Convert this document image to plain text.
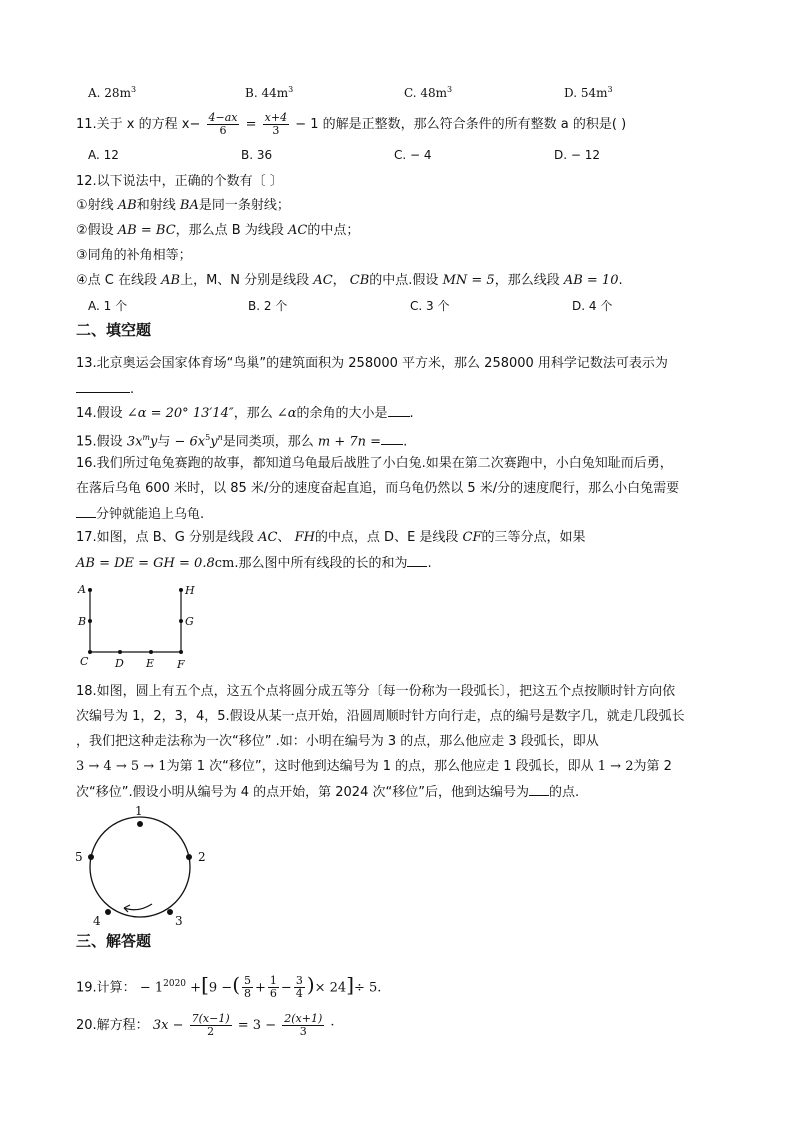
A. $28m^3$	B. $44m^3$	C. $48m^3$	D. $54m^3$
11.关于 x 的方程 $x- \frac{4-ax}{6} = \frac{x+4}{3} - 1$ 的解是正整数，那么符合条件的所有整数 a 的积是( )
A. 12	B. 36	C. − 4	D. − 12
12.以下说法中，正确的个数有〔 〕
①射线 AB和射线 BA是同一条射线；
②假设 AB = BC，那么点 B 为线段 AC的中点；
③同角的补角相等；
④点 C 在线段 AB上，M、N 分别是线段 AC， CB的中点.假设 MN = 5，那么线段 AB = 10.
A. 1 个	B. 2 个	C. 3 个	D. 4 个
二、填空题
13.北京奥运会国家体育场“鸟巢”的建筑面积为 258000 平方米，那么 258000 用科学记数法可表示为
.
14.假设 ∠α = 20° 13′14″，那么 ∠α的余角的大小是 .
15.假设 $3x^my$与 − $6x^5y^n$是同类项，那么 m + 7n = .
16.我们所过龟兔赛跑的故事，都知道乌龟最后战胜了小白兔.如果在第二次赛跑中，小白兔知耻而后勇，
在落后乌龟 600 米时，以 85 米/分的速度奋起直追，而乌龟仍然以 5 米/分的速度爬行，那么小白兔需要
分钟就能追上乌龟.
17.如图，点 B、G 分别是线段 AC、 FH的中点，点 D、E 是线段 CF的三等分点，如果
AB = DE = GH = 0.8cm.那么图中所有线段的长的和为 .
A
B
C D E F
G
H
18.如图，圆上有五个点，这五个点将圆分成五等分〔每一份称为一段弧长〕，把这五个点按顺时针方向依
次编号为 1，2，3，4，5.假设从某一点开始，沿圆周顺时针方向行走，点的编号是数字几，就走几段弧长
，我们把这种走法称为一次“移位” .如：小明在编号为 3 的点，那么他应走 3 段弧长，即从
3 → 4 → 5 → 1为第 1 次“移位”，这时他到达编号为 1 的点，那么他应走 1 段弧长，即从 1 → 2为第 2
次“移位”.假设小明从编号为 4 的点开始，第 2024 次“移位”后，他到达编号为 的点.
1
2
3
4
5
三、解答题
19.计算： − $1^{2020} +[9$ −( $\frac{5}{8} + \frac{1}{6} - \frac{3}{4}$ )× 24]÷ 5.
20.解方程： $3x - \frac{7(x-1)}{2} = 3 - \frac{2(x+1)}{3}$ ·
